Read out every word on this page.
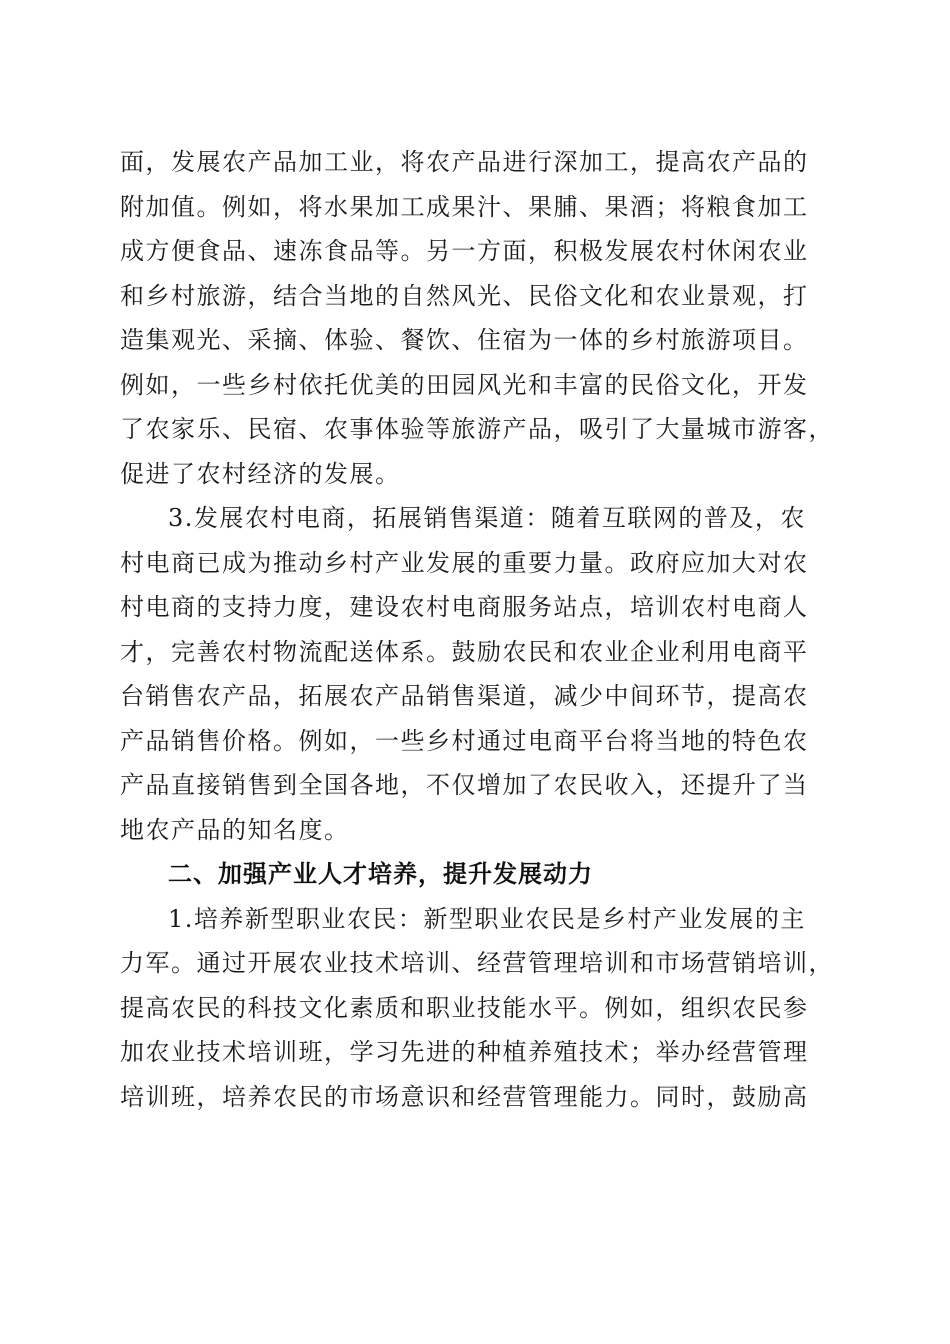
面，发展农产品加工业，将农产品进行深加工，提高农产品的
附加值。例如，将水果加工成果汁、果脯、果酒；将粮食加工
成方便食品、速冻食品等。另一方面，积极发展农村休闲农业
和乡村旅游，结合当地的自然风光、民俗文化和农业景观，打
造集观光、采摘、体验、餐饮、住宿为一体的乡村旅游项目。
例如，一些乡村依托优美的田园风光和丰富的民俗文化，开发
了农家乐、民宿、农事体验等旅游产品，吸引了大量城市游客，
促进了农村经济的发展。
3.发展农村电商，拓展销售渠道：随着互联网的普及，农
村电商已成为推动乡村产业发展的重要力量。政府应加大对农
村电商的支持力度，建设农村电商服务站点，培训农村电商人
才，完善农村物流配送体系。鼓励农民和农业企业利用电商平
台销售农产品，拓展农产品销售渠道，减少中间环节，提高农
产品销售价格。例如，一些乡村通过电商平台将当地的特色农
产品直接销售到全国各地，不仅增加了农民收入，还提升了当
地农产品的知名度。
二、加强产业人才培养，提升发展动力
1.培养新型职业农民：新型职业农民是乡村产业发展的主
力军。通过开展农业技术培训、经营管理培训和市场营销培训，
提高农民的科技文化素质和职业技能水平。例如，组织农民参
加农业技术培训班，学习先进的种植养殖技术；举办经营管理
培训班，培养农民的市场意识和经营管理能力。同时，鼓励高
